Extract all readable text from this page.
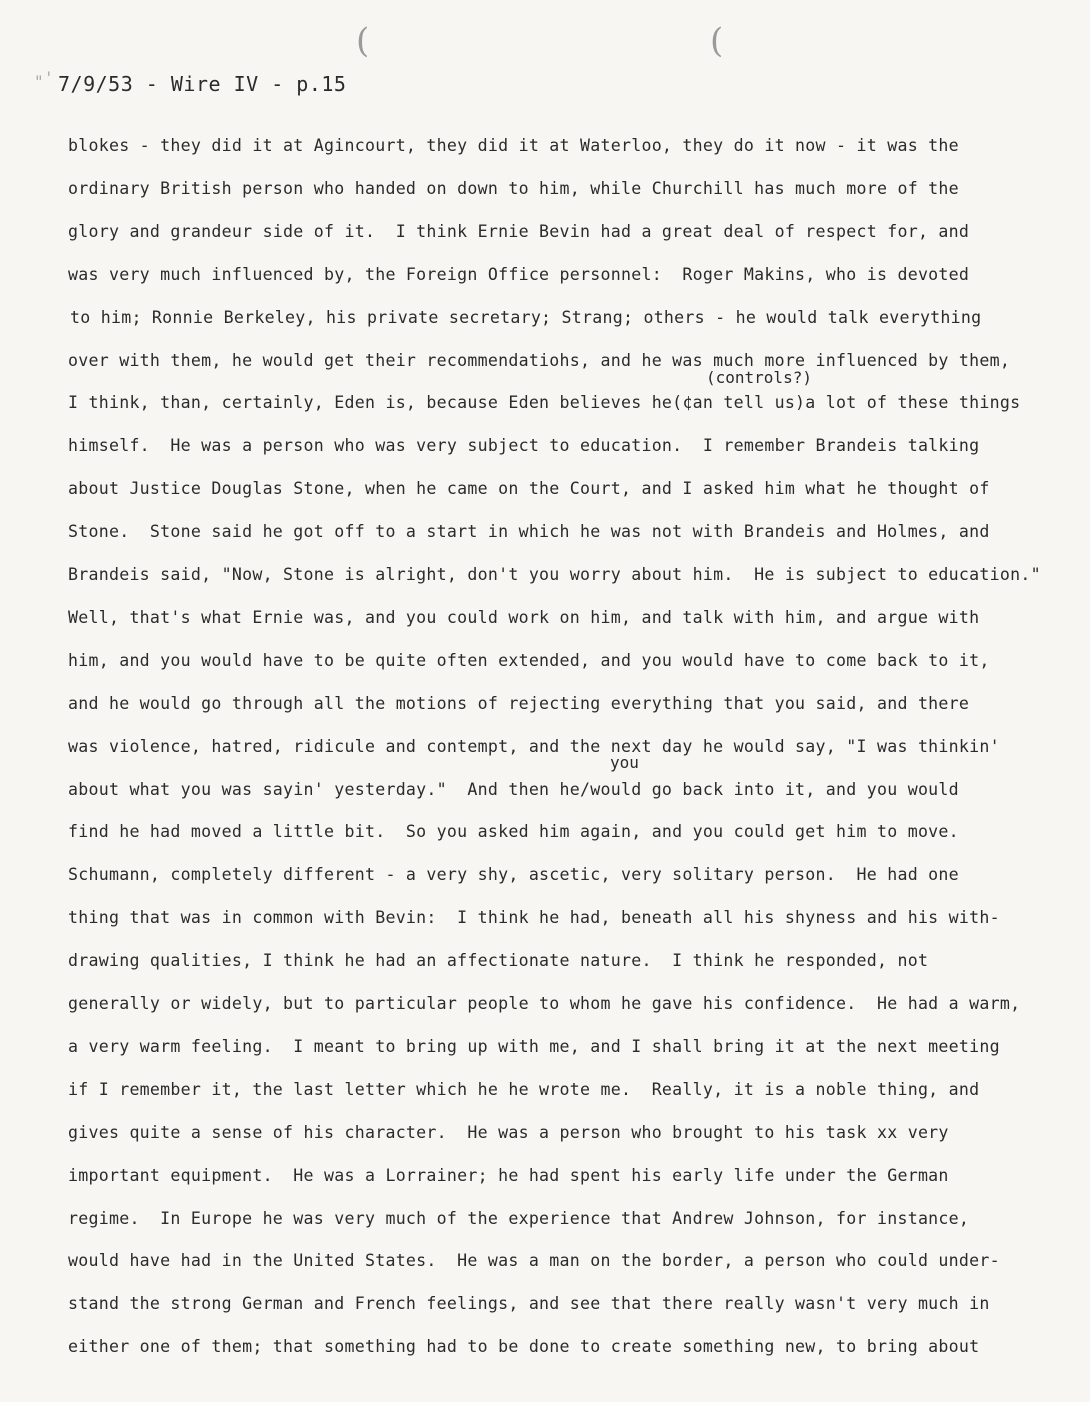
(	(
" ' 7/9/53 - Wire IV - p.15
(controls?)
you
blokes - they did it at Agincourt, they did it at Waterloo, they do it now - it was the
ordinary British person who handed on down to him, while Churchill has much more of the
glory and grandeur side of it.  I think Ernie Bevin had a great deal of respect for, and
was very much influenced by, the Foreign Office personnel:  Roger Makins, who is devoted
to him; Ronnie Berkeley, his private secretary; Strang; others - he would talk everything
over with them, he would get their recommendatiohs, and he was much more influenced by them,
I think, than, certainly, Eden is, because Eden believes he(¢an tell us)a lot of these things
himself.  He was a person who was very subject to education.  I remember Brandeis talking
about Justice Douglas Stone, when he came on the Court, and I asked him what he thought of
Stone.  Stone said he got off to a start in which he was not with Brandeis and Holmes, and
Brandeis said, "Now, Stone is alright, don't you worry about him.  He is subject to education."
Well, that's what Ernie was, and you could work on him, and talk with him, and argue with
him, and you would have to be quite often extended, and you would have to come back to it,
and he would go through all the motions of rejecting everything that you said, and there
was violence, hatred, ridicule and contempt, and the next day he would say, "I was thinkin'
about what you was sayin' yesterday."  And then he/would go back into it, and you would
find he had moved a little bit.  So you asked him again, and you could get him to move.
Schumann, completely different - a very shy, ascetic, very solitary person.  He had one
thing that was in common with Bevin:  I think he had, beneath all his shyness and his with-
drawing qualities, I think he had an affectionate nature.  I think he responded, not
generally or widely, but to particular people to whom he gave his confidence.  He had a warm,
a very warm feeling.  I meant to bring up with me, and I shall bring it at the next meeting
if I remember it, the last letter which he he wrote me.  Really, it is a noble thing, and
gives quite a sense of his character.  He was a person who brought to his task xx very
important equipment.  He was a Lorrainer; he had spent his early life under the German
regime.  In Europe he was very much of the experience that Andrew Johnson, for instance,
would have had in the United States.  He was a man on the border, a person who could under-
stand the strong German and French feelings, and see that there really wasn't very much in
either one of them; that something had to be done to create something new, to bring about
